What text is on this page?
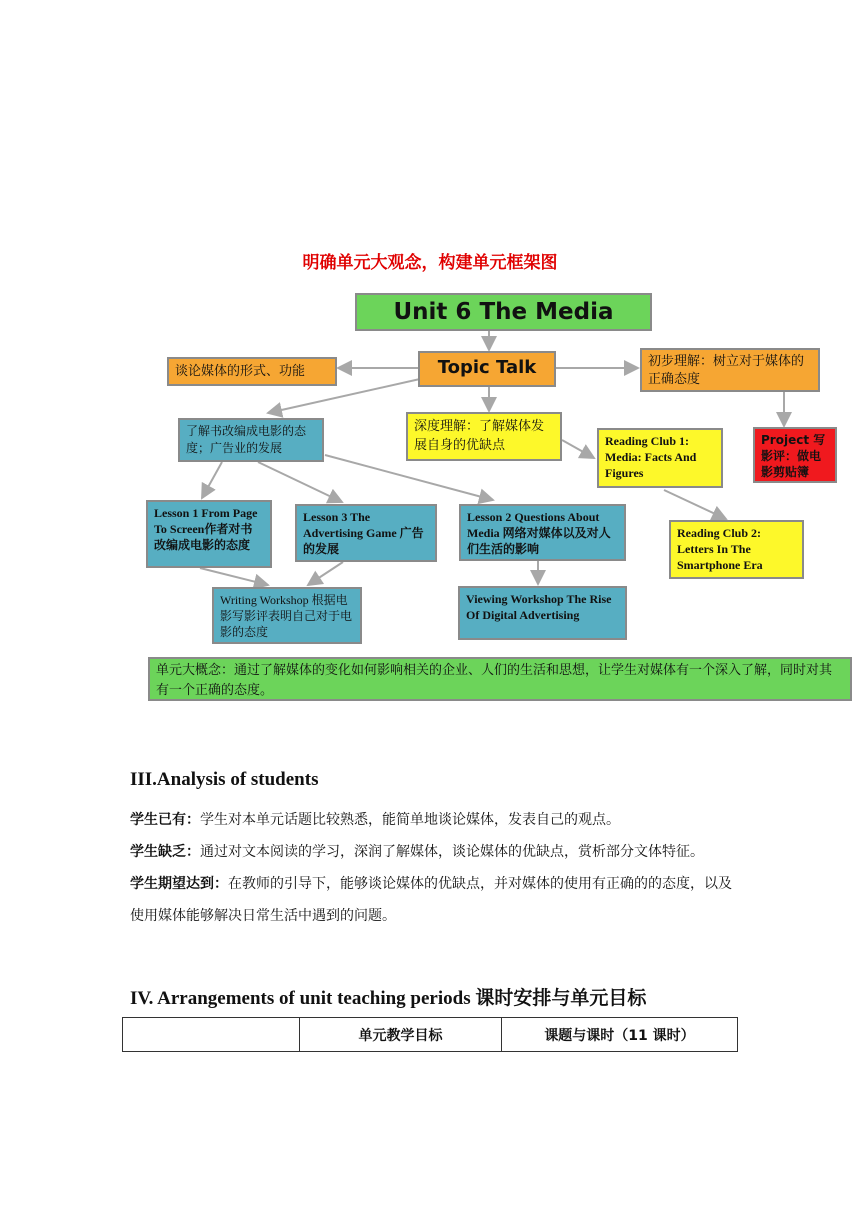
明确单元大观念，构建单元框架图
Unit 6 The Media
Topic Talk
谈论媒体的形式、功能
初步理解：树立对于媒体的正确态度
Project 写影评：做电影剪贴簿
了解书改编成电影的态度；广告业的发展
深度理解：了解媒体发展自身的优缺点	Reading Club 1: Media: Facts And Figures
Reading Club 2: Letters In The Smartphone Era
Lesson 1 From Page To Screen作者对书改编成电影的态度
Lesson 3 The Advertising Game 广告的发展
Lesson 2 Questions About Media 网络对媒体以及对人们生活的影响
Writing Workshop 根据电影写影评表明自己对于电影的态度
Viewing Workshop The Rise Of Digital Advertising
单元大概念：通过了解媒体的变化如何影响相关的企业、人们的生活和思想，让学生对媒体有一个深入了解，同时对其有一个正确的态度。
III.Analysis of students
学生已有：学生对本单元话题比较熟悉，能简单地谈论媒体，发表自己的观点。
学生缺乏：通过对文本阅读的学习，深润了解媒体，谈论媒体的优缺点，赏析部分文体特征。
学生期望达到：在教师的引导下，能够谈论媒体的优缺点，并对媒体的使用有正确的的态度，以及使用媒体能够解决日常生活中遇到的问题。
IV. Arrangements of unit teaching periods 课时安排与单元目标
	单元教学目标	课题与课时（11 课时）
